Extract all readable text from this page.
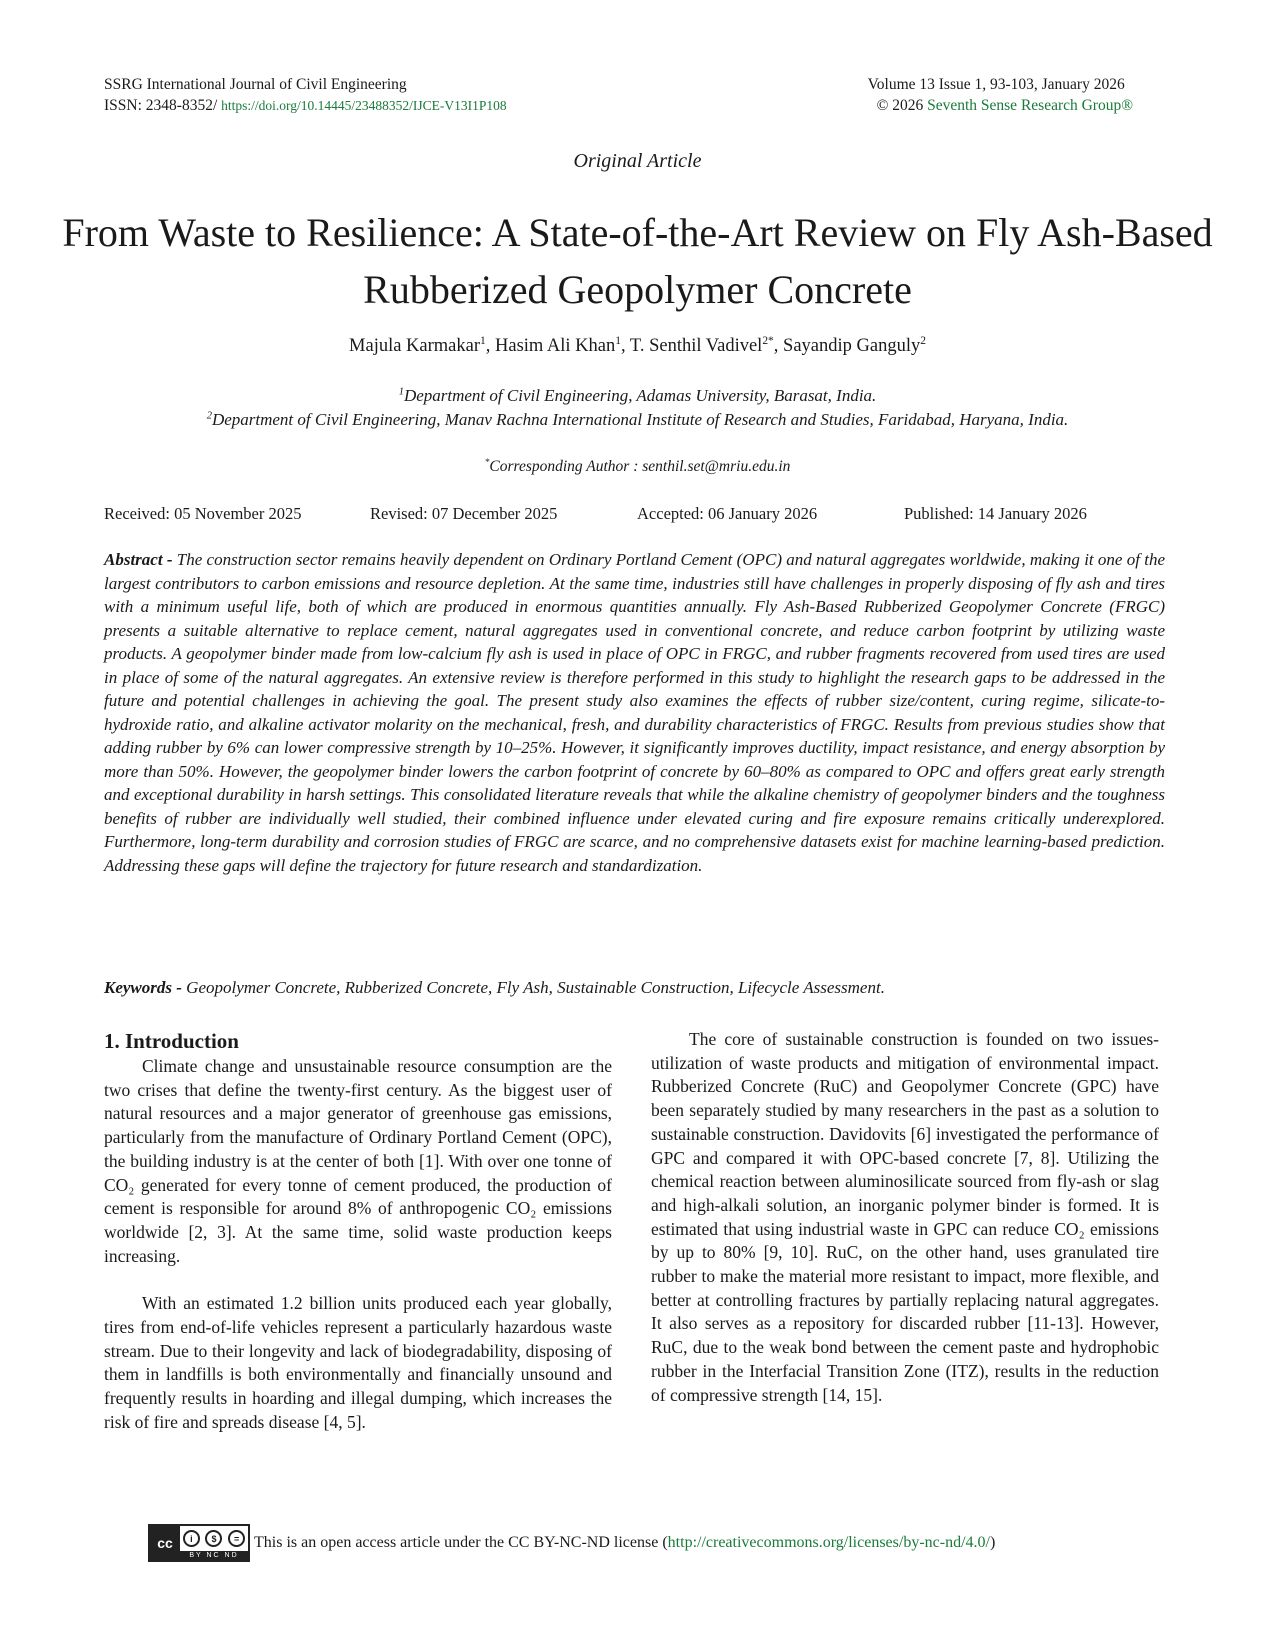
SSRG International Journal of Civil Engineering
ISSN: 2348-8352/ https://doi.org/10.14445/23488352/IJCE-V13I1P108
Volume 13 Issue 1, 93-103, January 2026
© 2026 Seventh Sense Research Group®
Original Article
From Waste to Resilience: A State-of-the-Art Review on Fly Ash-Based Rubberized Geopolymer Concrete
Majula Karmakar$^1$, Hasim Ali Khan$^1$, T. Senthil Vadivel$^{2*}$, Sayandip Ganguly$^2$
$^1$Department of Civil Engineering, Adamas University, Barasat, India.
$^2$Department of Civil Engineering, Manav Rachna International Institute of Research and Studies, Faridabad, Haryana, India.
*Corresponding Author : senthil.set@mriu.edu.in
Received: 05 November 2025	Revised: 07 December 2025	Accepted: 06 January 2026	Published: 14 January 2026

Abstract - The construction sector remains heavily dependent on Ordinary Portland Cement (OPC) and natural aggregates worldwide, making it one of the largest contributors to carbon emissions and resource depletion. At the same time, industries still have challenges in properly disposing of fly ash and tires with a minimum useful life, both of which are produced in enormous quantities annually. Fly Ash-Based Rubberized Geopolymer Concrete (FRGC) presents a suitable alternative to replace cement, natural aggregates used in conventional concrete, and reduce carbon footprint by utilizing waste products. A geopolymer binder made from low-calcium fly ash is used in place of OPC in FRGC, and rubber fragments recovered from used tires are used in place of some of the natural aggregates. An extensive review is therefore performed in this study to highlight the research gaps to be addressed in the future and potential challenges in achieving the goal. The present study also examines the effects of rubber size/content, curing regime, silicate-to-hydroxide ratio, and alkaline activator molarity on the mechanical, fresh, and durability characteristics of FRGC. Results from previous studies show that adding rubber by 6% can lower compressive strength by 10–25%. However, it significantly improves ductility, impact resistance, and energy absorption by more than 50%. However, the geopolymer binder lowers the carbon footprint of concrete by 60–80% as compared to OPC and offers great early strength and exceptional durability in harsh settings. This consolidated literature reveals that while the alkaline chemistry of geopolymer binders and the toughness benefits of rubber are individually well studied, their combined influence under elevated curing and fire exposure remains critically underexplored. Furthermore, long-term durability and corrosion studies of FRGC are scarce, and no comprehensive datasets exist for machine learning-based prediction. Addressing these gaps will define the trajectory for future research and standardization.

Keywords - Geopolymer Concrete, Rubberized Concrete, Fly Ash, Sustainable Construction, Lifecycle Assessment.

1. Introduction

Climate change and unsustainable resource consumption are the two crises that define the twenty-first century. As the biggest user of natural resources and a major generator of greenhouse gas emissions, particularly from the manufacture of Ordinary Portland Cement (OPC), the building industry is at the center of both [1]. With over one tonne of CO₂ generated for every tonne of cement produced, the production of cement is responsible for around 8% of anthropogenic CO₂ emissions worldwide [2, 3]. At the same time, solid waste production keeps increasing.

With an estimated 1.2 billion units produced each year globally, tires from end-of-life vehicles represent a particularly hazardous waste stream. Due to their longevity and lack of biodegradability, disposing of them in landfills is both environmentally and financially unsound and frequently results in hoarding and illegal dumping, which increases the risk of fire and spreads disease [4, 5].

The core of sustainable construction is founded on two issues- utilization of waste products and mitigation of environmental impact. Rubberized Concrete (RuC) and Geopolymer Concrete (GPC) have been separately studied by many researchers in the past as a solution to sustainable construction. Davidovits [6] investigated the performance of GPC and compared it with OPC-based concrete [7, 8]. Utilizing the chemical reaction between aluminosilicate sourced from fly-ash or slag and high-alkali solution, an inorganic polymer binder is formed. It is estimated that using industrial waste in GPC can reduce CO₂ emissions by up to 80% [9, 10]. RuC, on the other hand, uses granulated tire rubber to make the material more resistant to impact, more flexible, and better at controlling fractures by partially replacing natural aggregates. It also serves as a repository for discarded rubber [11-13]. However, RuC, due to the weak bond between the cement paste and hydrophobic rubber in the Interfacial Transition Zone (ITZ), results in the reduction of compressive strength [14, 15].

cc	i	$	=
BY NC ND
This is an open access article under the CC BY-NC-ND license ( http://creativecommons.org/licenses/by-nc-nd/4.0/ )
